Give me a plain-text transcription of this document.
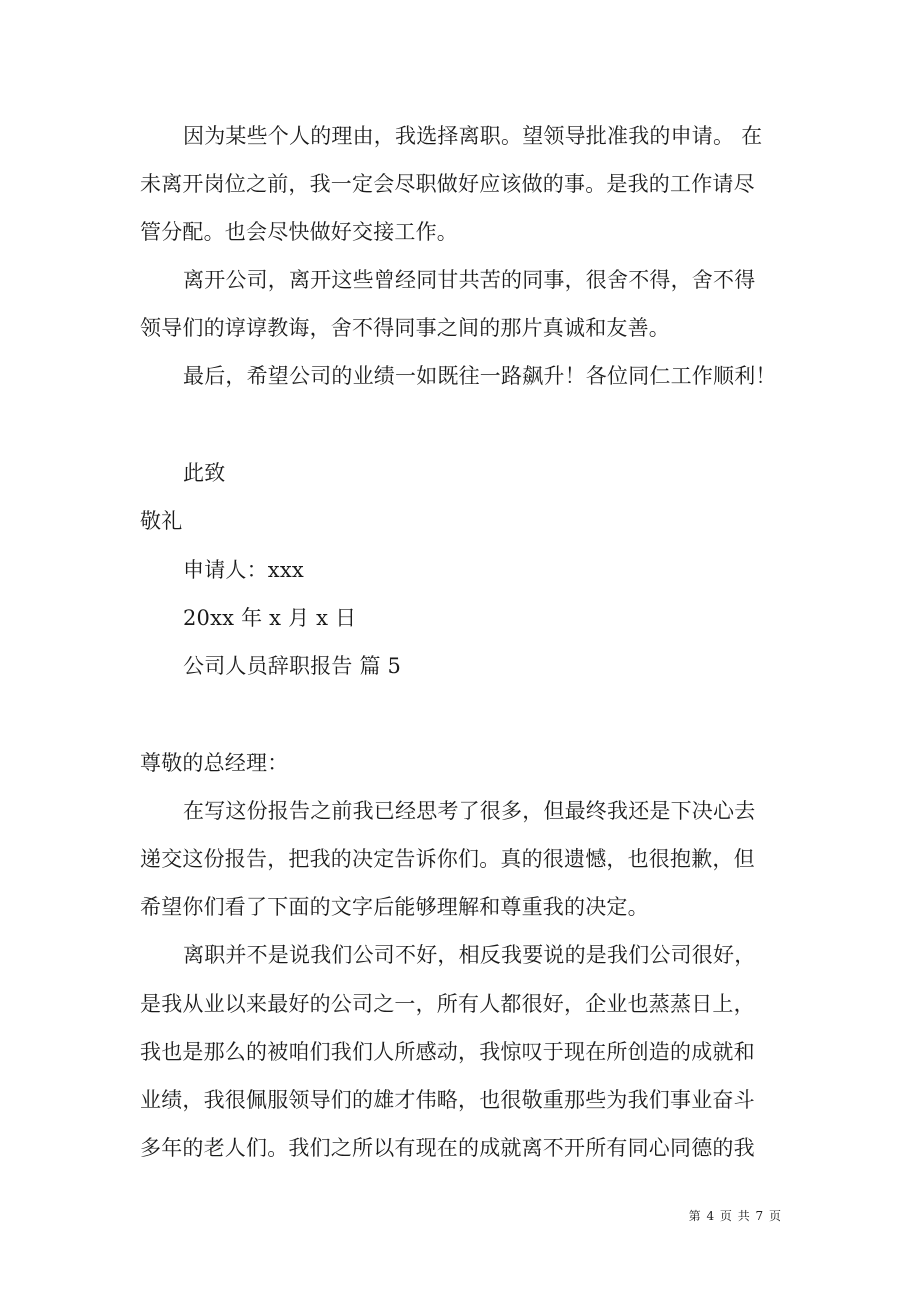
因为某些个人的理由，我选择离职。望领导批准我的申请。 在
未离开岗位之前，我一定会尽职做好应该做的事。是我的工作请尽
管分配。也会尽快做好交接工作。
离开公司，离开这些曾经同甘共苦的同事，很舍不得，舍不得
领导们的谆谆教诲，舍不得同事之间的那片真诚和友善。
最后，希望公司的业绩一如既往一路飙升！各位同仁工作顺利！
此致
敬礼
申请人：xxx
20xx 年 x 月 x 日
公司人员辞职报告 篇 5
尊敬的总经理：
在写这份报告之前我已经思考了很多，但最终我还是下决心去
递交这份报告，把我的决定告诉你们。真的很遗憾，也很抱歉，但
希望你们看了下面的文字后能够理解和尊重我的决定。
离职并不是说我们公司不好，相反我要说的是我们公司很好，
是我从业以来最好的公司之一，所有人都很好，企业也蒸蒸日上，
我也是那么的被咱们我们人所感动，我惊叹于现在所创造的成就和
业绩，我很佩服领导们的雄才伟略，也很敬重那些为我们事业奋斗
多年的老人们。我们之所以有现在的成就离不开所有同心同德的我
第 4 页 共 7 页
